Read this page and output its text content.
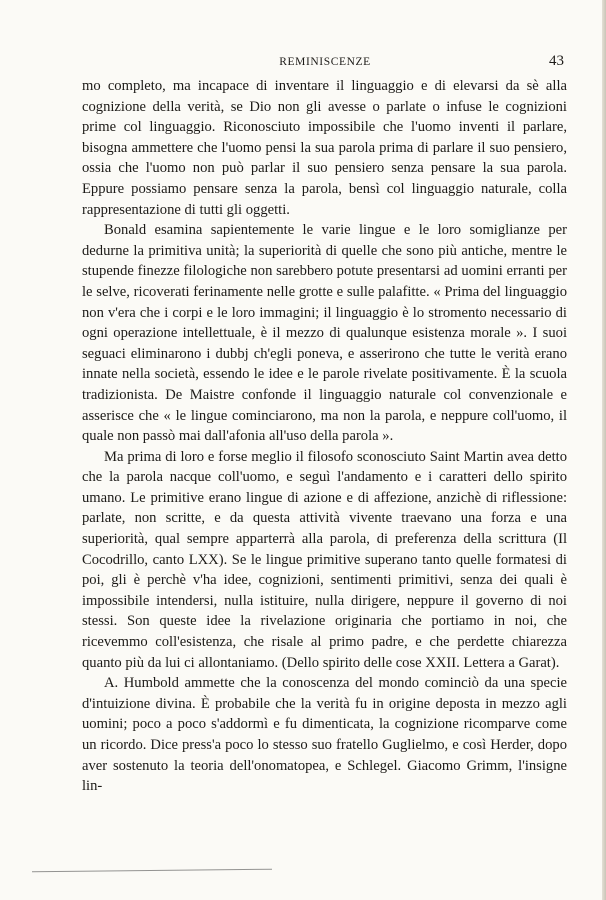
REMINISCENZE	43

mo completo, ma incapace di inventare il linguaggio e di elevarsi da sè alla cognizione della verità, se Dio non gli avesse o parlate o infuse le cognizioni prime col linguaggio. Riconosciuto impossibile che l'uomo inventi il parlare, bisogna ammettere che l'uomo pensi la sua parola prima di parlare il suo pensiero, ossia che l'uomo non può parlar il suo pensiero senza pensare la sua parola. Eppure possiamo pensare senza la parola, bensì col linguaggio naturale, colla rappresentazione di tutti gli oggetti.

Bonald esamina sapientemente le varie lingue e le loro somiglianze per dedurne la primitiva unità; la superiorità di quelle che sono più antiche, mentre le stupende finezze filologiche non sarebbero potute presentarsi ad uomini erranti per le selve, ricoverati ferinamente nelle grotte e sulle palafitte. « Prima del linguaggio non v'era che i corpi e le loro immagini; il linguaggio è lo stromento necessario di ogni operazione intellettuale, è il mezzo di qualunque esistenza morale ». I suoi seguaci eliminarono i dubbj ch'egli poneva, e asserirono che tutte le verità erano innate nella società, essendo le idee e le parole rivelate positivamente. È la scuola tradizionista. De Maistre confonde il linguaggio naturale col convenzionale e asserisce che « le lingue cominciarono, ma non la parola, e neppure coll'uomo, il quale non passò mai dall'afonia all'uso della parola ».

Ma prima di loro e forse meglio il filosofo sconosciuto Saint Martin avea detto che la parola nacque coll'uomo, e seguì l'andamento e i caratteri dello spirito umano. Le primitive erano lingue di azione e di affezione, anzichè di riflessione: parlate, non scritte, e da questa attività vivente traevano una forza e una superiorità, qual sempre apparterrà alla parola, di preferenza della scrittura (Il Cocodrillo, canto LXX). Se le lingue primitive superano tanto quelle formatesi di poi, gli è perchè v'ha idee, cognizioni, sentimenti primitivi, senza dei quali è impossibile intendersi, nulla istituire, nulla dirigere, neppure il governo di noi stessi. Son queste idee la rivelazione originaria che portiamo in noi, che ricevemmo coll'esistenza, che risale al primo padre, e che perdette chiarezza quanto più da lui ci allontaniamo. (Dello spirito delle cose XXII. Lettera a Garat).

A. Humbold ammette che la conoscenza del mondo cominciò da una specie d'intuizione divina. È probabile che la verità fu in origine deposta in mezzo agli uomini; poco a poco s'addormì e fu dimenticata, la cognizione ricomparve come un ricordo. Dice press'a poco lo stesso suo fratello Guglielmo, e così Herder, dopo aver sostenuto la teoria dell'onomatopea, e Schlegel. Giacomo Grimm, l'insigne lin-
